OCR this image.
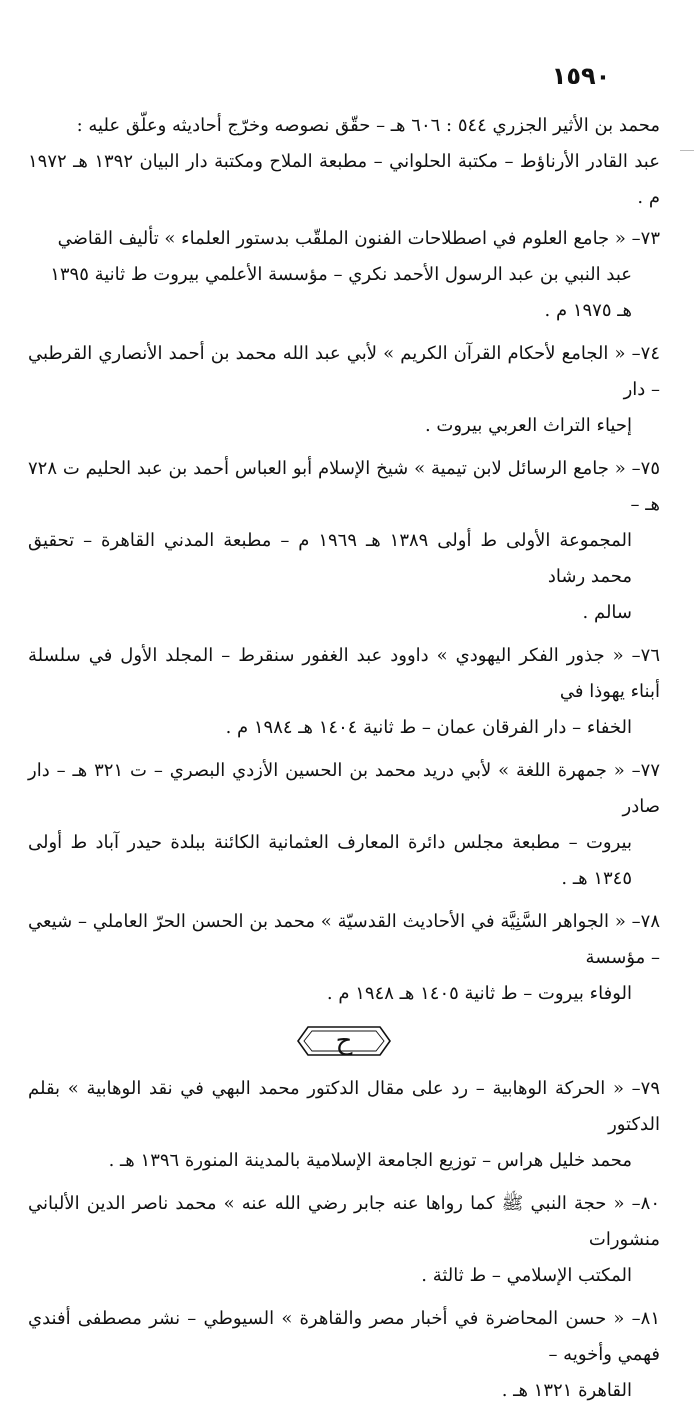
١٥٩٠
محمد بن الأثير الجزري ٥٤٤ : ٦٠٦ هـ – حقّق نصوصه وخرّج أحاديثه وعلّق عليه :
عبد القادر الأرناؤط – مكتبة الحلواني – مطبعة الملاح ومكتبة دار البيان ١٣٩٢ هـ ١٩٧٢ م .
٧٣– « جامع العلوم في اصطلاحات الفنون الملقّب بدستور العلماء » تأليف القاضي
عبد النبي بن عبد الرسول الأحمد نكري – مؤسسة الأعلمي بيروت ط ثانية ١٣٩٥
هـ ١٩٧٥ م .
٧٤– « الجامع لأحكام القرآن الكريم » لأبي عبد الله محمد بن أحمد الأنصاري القرطبي – دار
إحياء التراث العربي بيروت .
٧٥– « جامع الرسائل لابن تيمية » شيخ الإسلام أبو العباس أحمد بن عبد الحليم ت ٧٢٨ هـ –
المجموعة الأولى ط أولى ١٣٨٩ هـ ١٩٦٩ م – مطبعة المدني القاهرة – تحقيق محمد رشاد
سالم .
٧٦– « جذور الفكر اليهودي » داوود عبد الغفور سنقرط – المجلد الأول في سلسلة أبناء يهوذا في
الخفاء – دار الفرقان عمان – ط ثانية ١٤٠٤ هـ ١٩٨٤ م .
٧٧– « جمهرة اللغة » لأبي دريد محمد بن الحسين الأزدي البصري – ت ٣٢١ هـ – دار صادر
بيروت – مطبعة مجلس دائرة المعارف العثمانية الكائنة ببلدة حيدر آباد ط أولى ١٣٤٥ هـ .
٧٨– « الجواهر السَّنِيَّة في الأحاديث القدسيّة » محمد بن الحسن الحرّ العاملي – شيعي – مؤسسة
الوفاء بيروت – ط ثانية ١٤٠٥ هـ ١٩٤٨ م .
ح
٧٩– « الحركة الوهابية – رد على مقال الدكتور محمد البهي في نقد الوهابية » بقلم الدكتور
محمد خليل هراس – توزيع الجامعة الإسلامية بالمدينة المنورة ١٣٩٦ هـ .
٨٠– « حجة النبي ﷺ كما رواها عنه جابر رضي الله عنه » محمد ناصر الدين الألباني منشورات
المكتب الإسلامي – ط ثالثة .
٨١– « حسن المحاضرة في أخبار مصر والقاهرة » السيوطي – نشر مصطفى أفندي فهمي وأخويه –
القاهرة ١٣٢١ هـ .
